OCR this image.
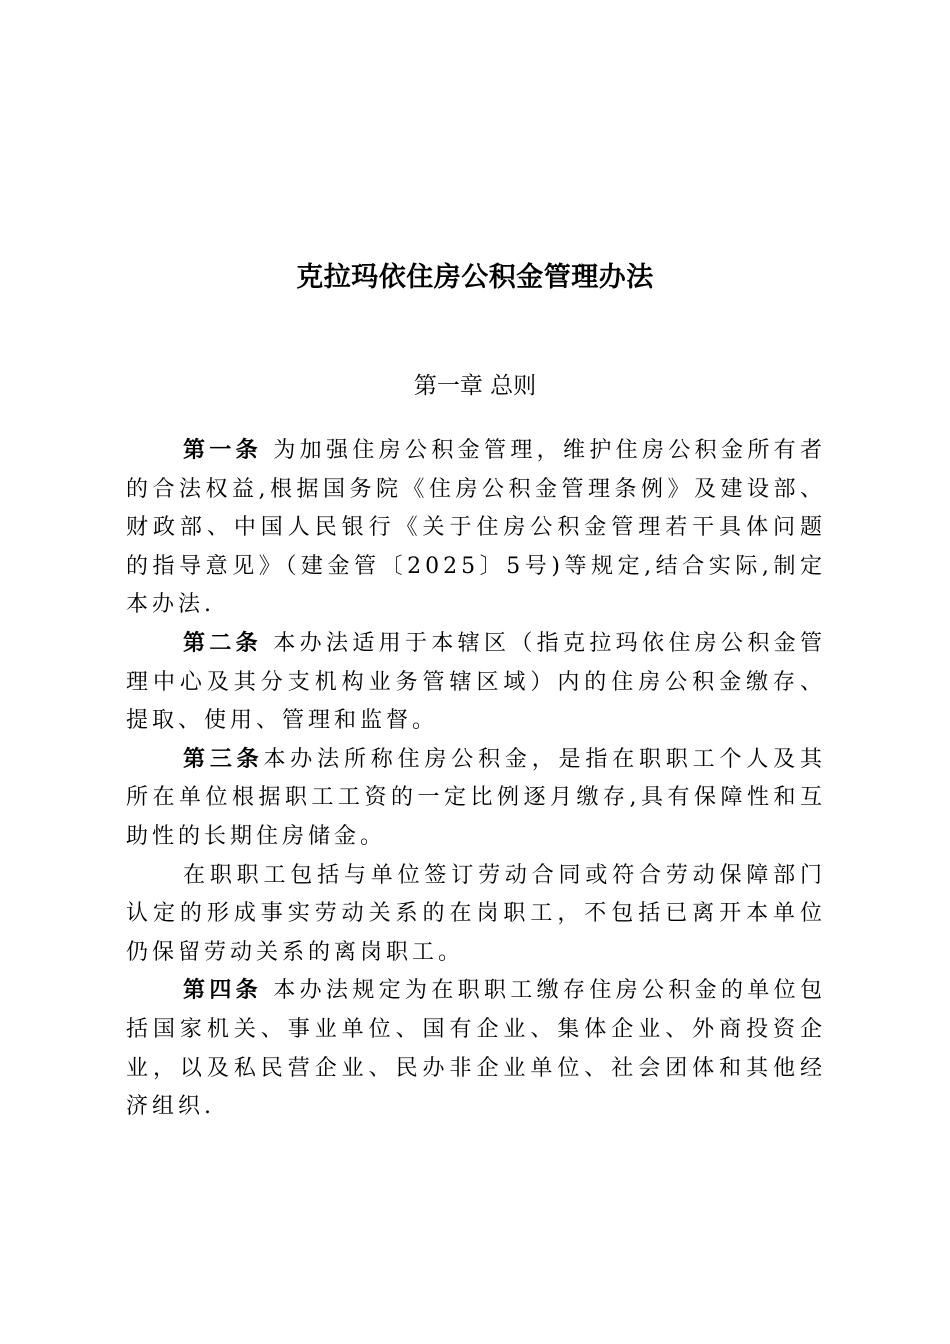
克拉玛依住房公积金管理办法
第一章 总则

第一条 为加强住房公积金管理，维护住房公积金所有者的合法权益,根据国务院《住房公积金管理条例》及建设部、财政部、中国人民银行《关于住房公积金管理若干具体问题的指导意见》（建金管〔2025〕5号)等规定,结合实际,制定本办法.

第二条 本办法适用于本辖区（指克拉玛依住房公积金管理中心及其分支机构业务管辖区域）内的住房公积金缴存、提取、使用、管理和监督。

第三条本办法所称住房公积金，是指在职职工个人及其所在单位根据职工工资的一定比例逐月缴存,具有保障性和互助性的长期住房储金。

在职职工包括与单位签订劳动合同或符合劳动保障部门认定的形成事实劳动关系的在岗职工，不包括已离开本单位仍保留劳动关系的离岗职工。

第四条 本办法规定为在职职工缴存住房公积金的单位包括国家机关、事业单位、国有企业、集体企业、外商投资企业，以及私民营企业、民办非企业单位、社会团体和其他经济组织.
